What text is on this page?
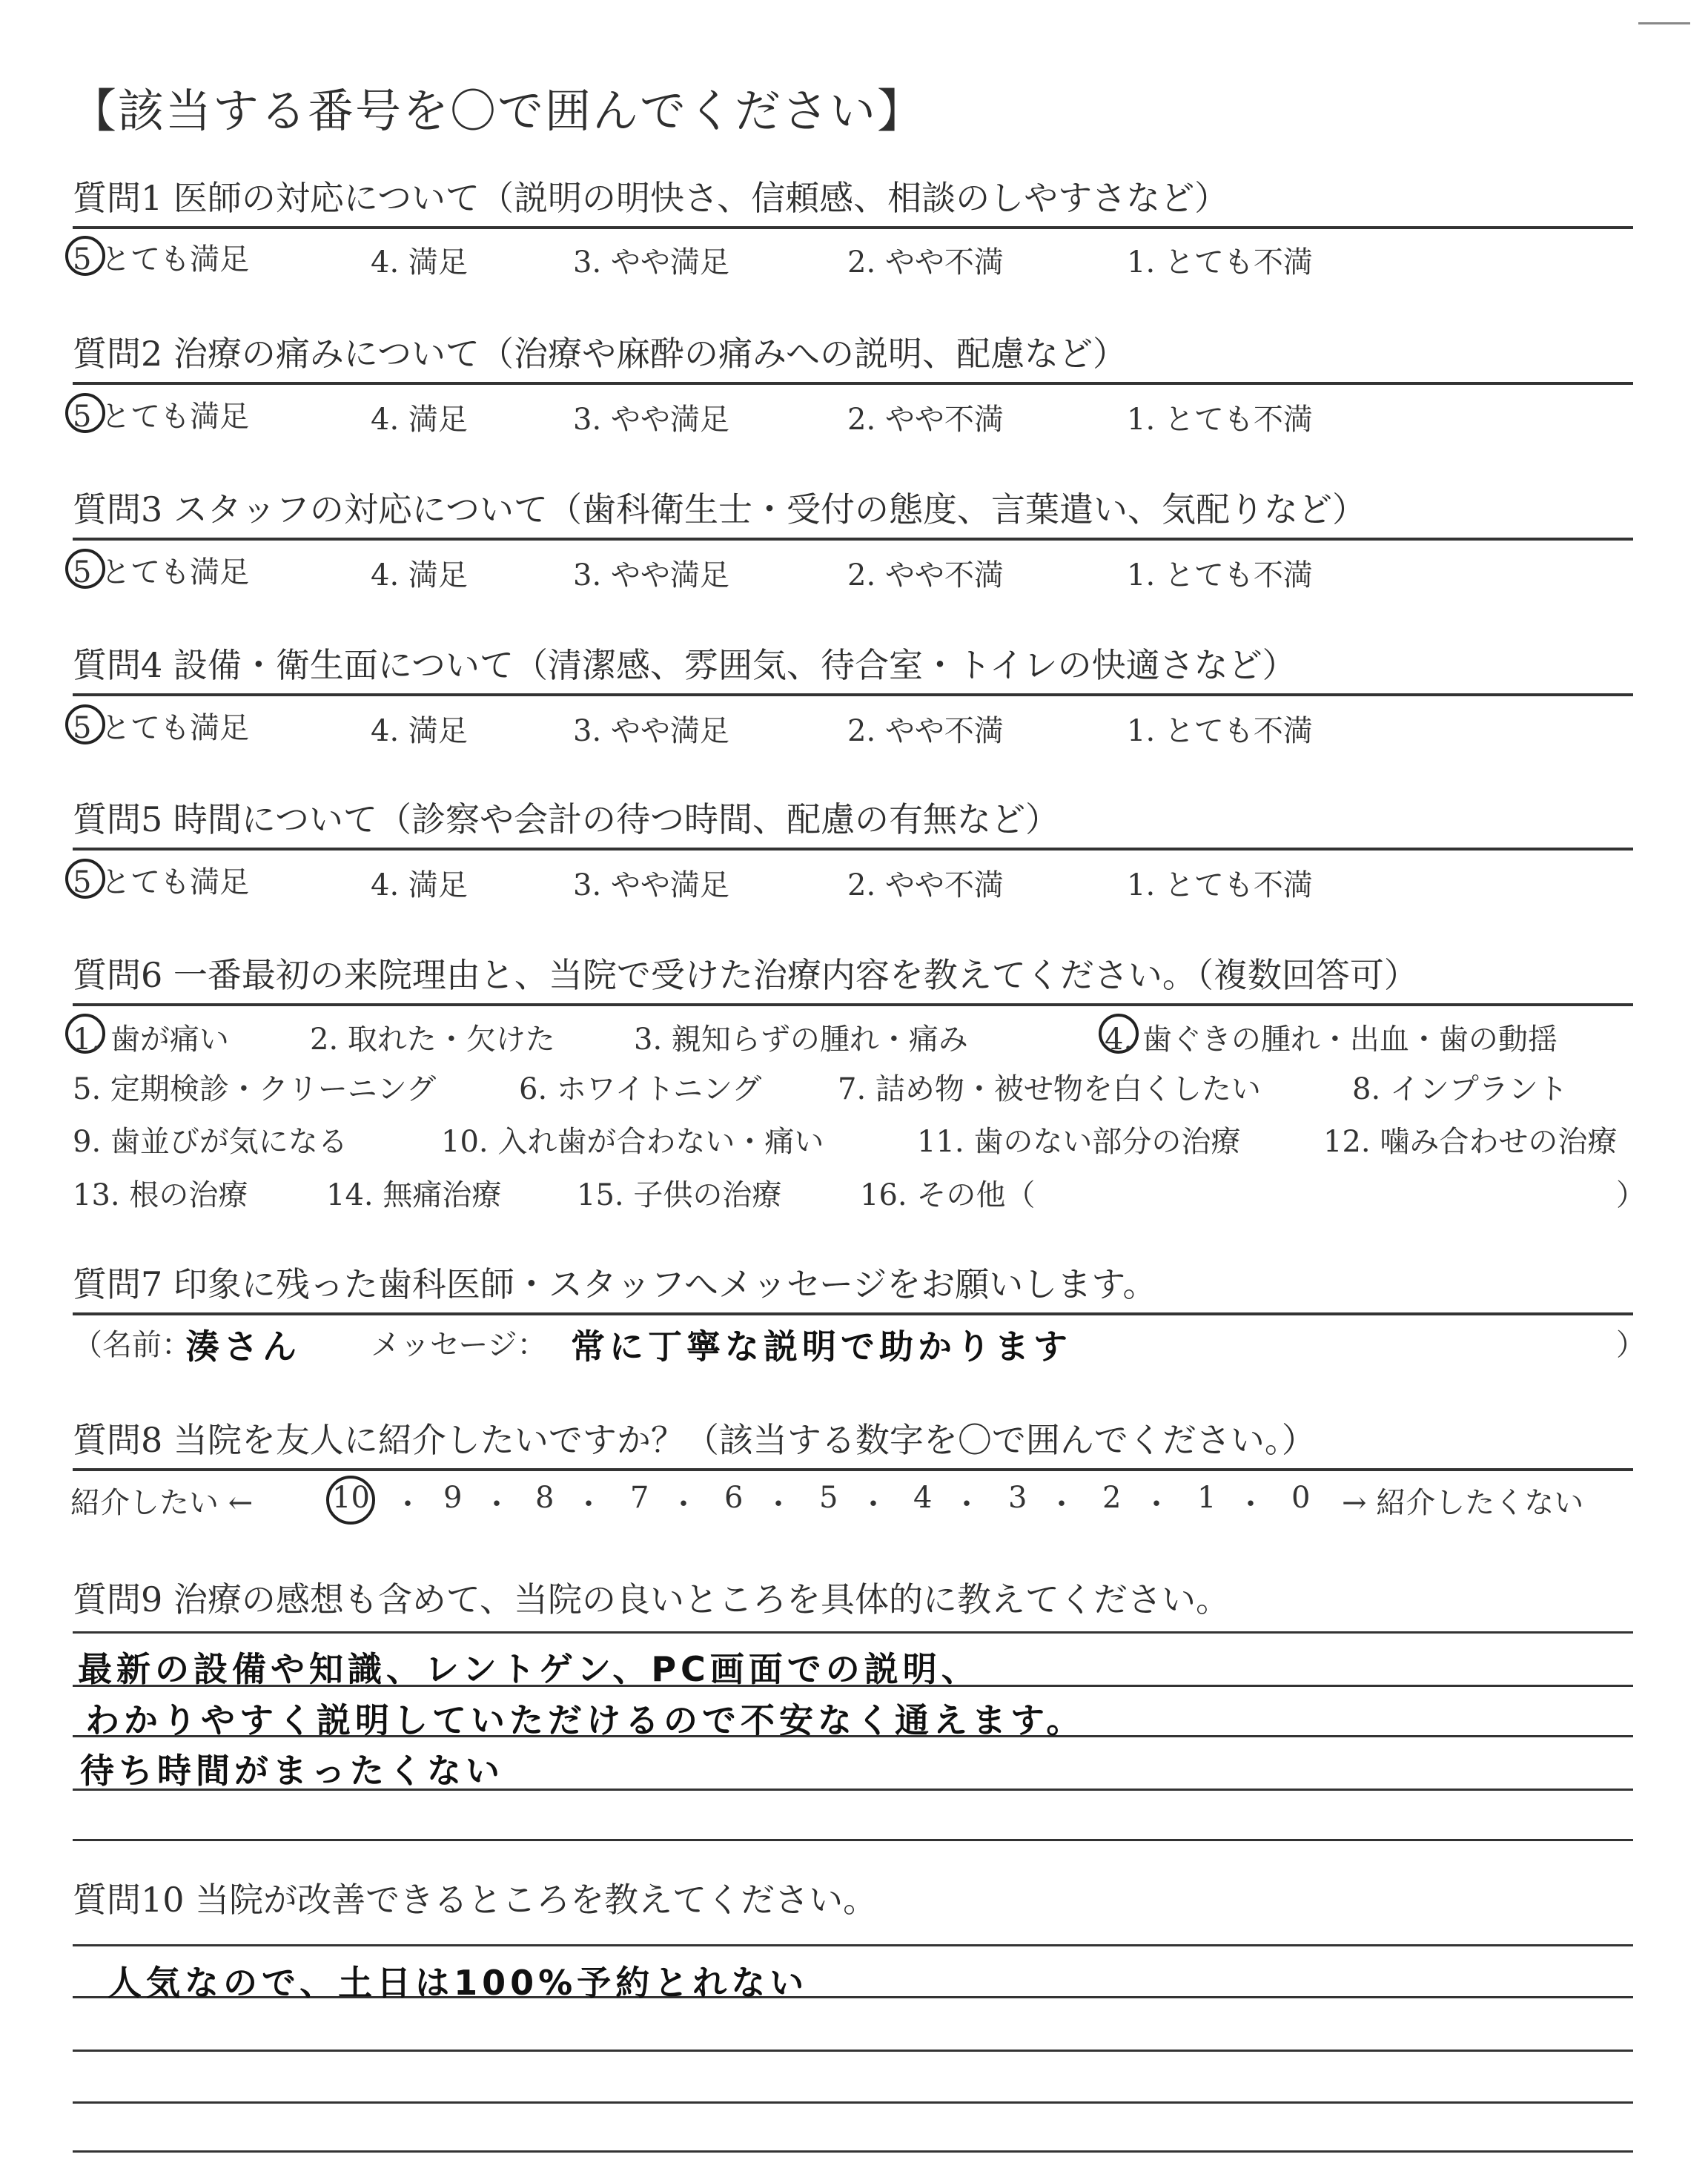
【該当する番号を〇で囲んでください】
質問1 医師の対応について（説明の明快さ、信頼感、相談のしやすさなど）
5 とても満足	4. 満足	3. やや満足	2. やや不満	1. とても不満
質問2 治療の痛みについて（治療や麻酔の痛みへの説明、配慮など）
5 とても満足	4. 満足	3. やや満足	2. やや不満	1. とても不満
質問3 スタッフの対応について（歯科衛生士・受付の態度、言葉遣い、気配りなど）
5 とても満足	4. 満足	3. やや満足	2. やや不満	1. とても不満
質問4 設備・衛生面について（清潔感、雰囲気、待合室・トイレの快適さなど）
5 とても満足	4. 満足	3. やや満足	2. やや不満	1. とても不満
質問5 時間について（診察や会計の待つ時間、配慮の有無など）
5 とても満足	4. 満足	3. やや満足	2. やや不満	1. とても不満
質問6 一番最初の来院理由と、当院で受けた治療内容を教えてください。（複数回答可）
1. 歯が痛い	2. 取れた・欠けた	3. 親知らずの腫れ・痛み	4. 歯ぐきの腫れ・出血・歯の動揺
5. 定期検診・クリーニング	6. ホワイトニング	7. 詰め物・被せ物を白くしたい	8. インプラント
9. 歯並びが気になる	10. 入れ歯が合わない・痛い	11. 歯のない部分の治療	12. 噛み合わせの治療
13. 根の治療	14. 無痛治療	15. 子供の治療	16. その他（	）
質問7 印象に残った歯科医師・スタッフへメッセージをお願いします。
（名前：
湊さん メッセージ： 常に丁寧な説明で助かります	）
質問8 当院を友人に紹介したいですか？（該当する数字を〇で囲んでください。）
紹介したい ←	10 ・ 9 ・ 8 ・ 7 ・ 6 ・ 5 ・ 4 ・ 3 ・ 2 ・ 1 ・ 0 → 紹介したくない
質問9 治療の感想も含めて、当院の良いところを具体的に教えてください。
最新の設備や知識、レントゲン、PC画面での説明、
わかりやすく説明していただけるので不安なく通えます。
待ち時間がまったくない
質問10 当院が改善できるところを教えてください。
人気なので、土日は100%予約とれない
